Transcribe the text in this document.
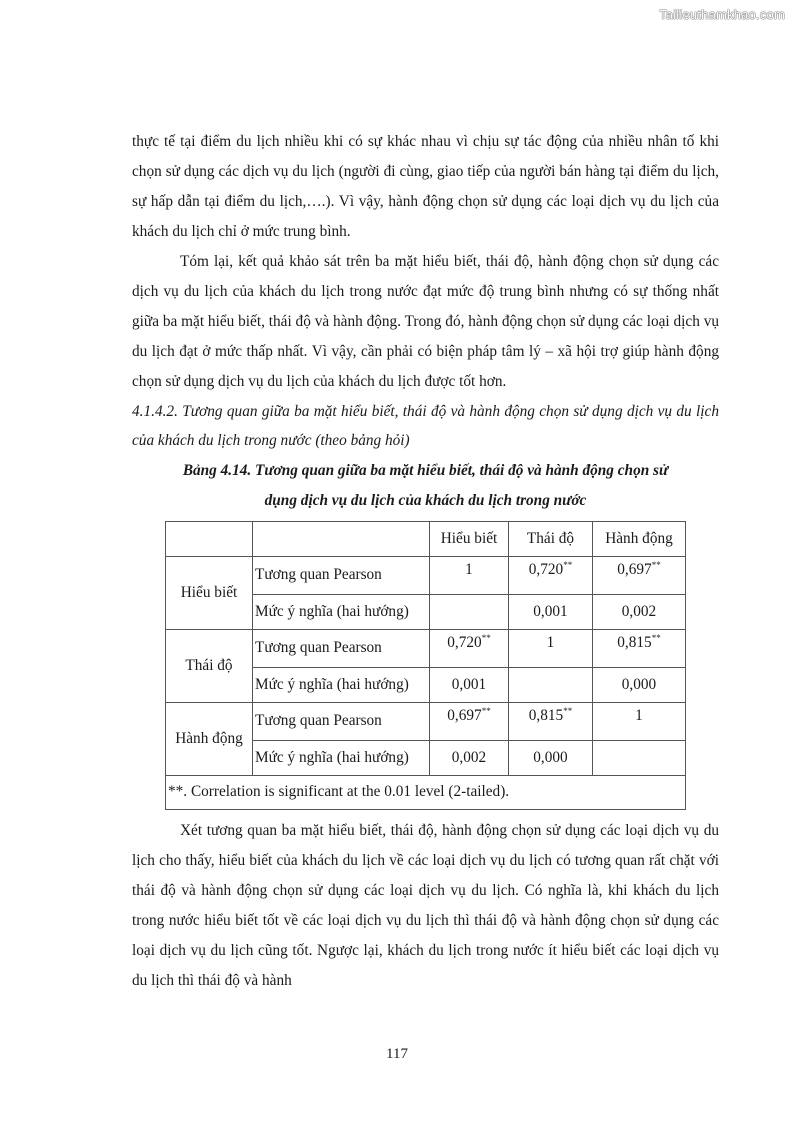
Tailieuthamkhao.com

thực tế tại điểm du lịch nhiều khi có sự khác nhau vì chịu sự tác động của nhiều nhân tố khi chọn sử dụng các dịch vụ du lịch (người đi cùng, giao tiếp của người bán hàng tại điểm du lịch, sự hấp dẫn tại điểm du lịch,….). Vì vậy, hành động chọn sử dụng các loại dịch vụ du lịch của khách du lịch chỉ ở mức trung bình.

Tóm lại, kết quả khảo sát trên ba mặt hiểu biết, thái độ, hành động chọn sử dụng các dịch vụ du lịch của khách du lịch trong nước đạt mức độ trung bình nhưng có sự thống nhất giữa ba mặt hiểu biết, thái độ và hành động. Trong đó, hành động chọn sử dụng các loại dịch vụ du lịch đạt ở mức thấp nhất. Vì vậy, cần phải có biện pháp tâm lý – xã hội trợ giúp hành động chọn sử dụng dịch vụ du lịch của khách du lịch được tốt hơn.

4.1.4.2. Tương quan giữa ba mặt hiểu biết, thái độ và hành động chọn sử dụng dịch vụ du lịch của khách du lịch trong nước (theo bảng hỏi)

Bảng 4.14. Tương quan giữa ba mặt hiểu biết, thái độ và hành động chọn sử

dụng dịch vụ du lịch của khách du lịch trong nước

		Hiểu biết	Thái độ	Hành động
Hiểu biết	Tương quan Pearson	1	0,720**	0,697**
	Mức ý nghĩa (hai hướng)		0,001	0,002
Thái độ	Tương quan Pearson	0,720**	1	0,815**
	Mức ý nghĩa (hai hướng)	0,001		0,000
Hành động	Tương quan Pearson	0,697**	0,815**	1
	Mức ý nghĩa (hai hướng)	0,002	0,000	
**. Correlation is significant at the 0.01 level (2-tailed).				

Xét tương quan ba mặt hiểu biết, thái độ, hành động chọn sử dụng các loại dịch vụ du lịch cho thấy, hiểu biết của khách du lịch về các loại dịch vụ du lịch có tương quan rất chặt với thái độ và hành động chọn sử dụng các loại dịch vụ du lịch. Có nghĩa là, khi khách du lịch trong nước hiểu biết tốt về các loại dịch vụ du lịch thì thái độ và hành động chọn sử dụng các loại dịch vụ du lịch cũng tốt. Ngược lại, khách du lịch trong nước ít hiểu biết các loại dịch vụ du lịch thì thái độ và hành

117
